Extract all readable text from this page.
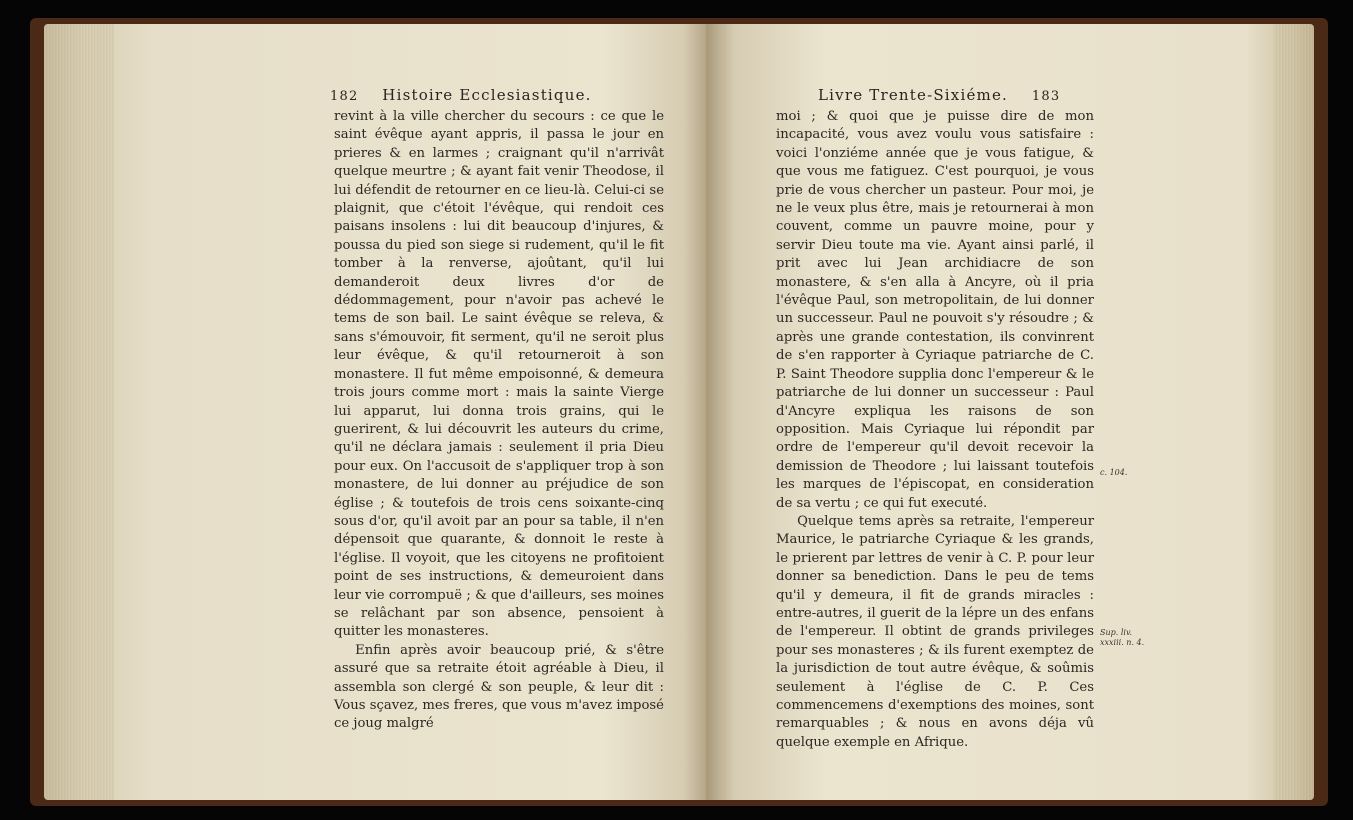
182 Histoire Ecclesiastique.

revint à la ville chercher du secours : ce que le saint évêque ayant appris, il passa le jour en prieres & en larmes ; craignant qu'il n'arrivât quelque meurtre ; & ayant fait venir Theodose, il lui défendit de retourner en ce lieu-là. Celui-ci se plaignit, que c'étoit l'évêque, qui rendoit ces paisans insolens : lui dit beaucoup d'injures, & poussa du pied son siege si rudement, qu'il le fit tomber à la renverse, ajoûtant, qu'il lui demanderoit deux livres d'or de dédommagement, pour n'avoir pas achevé le tems de son bail. Le saint évêque se releva, & sans s'émouvoir, fit serment, qu'il ne seroit plus leur évêque, & qu'il retourneroit à son monastere. Il fut même empoisonné, & demeura trois jours comme mort : mais la sainte Vierge lui apparut, lui donna trois grains, qui le guerirent, & lui découvrit les auteurs du crime, qu'il ne déclara jamais : seulement il pria Dieu pour eux. On l'accusoit de s'appliquer trop à son monastere, de lui donner au préjudice de son église ; & toutefois de trois cens soixante-cinq sous d'or, qu'il avoit par an pour sa table, il n'en dépensoit que quarante, & donnoit le reste à l'église. Il voyoit, que les citoyens ne profitoient point de ses instructions, & demeuroient dans leur vie corrompuë ; & que d'ailleurs, ses moines se relâchant par son absence, pensoient à quitter les monasteres.

Enfin après avoir beaucoup prié, & s'être assuré que sa retraite étoit agréable à Dieu, il assembla son clergé & son peuple, & leur dit : Vous sçavez, mes freres, que vous m'avez imposé ce joug malgré

Livre Trente-Sixiéme. 183

moi ; & quoi que je puisse dire de mon incapacité, vous avez voulu vous satisfaire : voici l'onziéme année que je vous fatigue, & que vous me fatiguez. C'est pourquoi, je vous prie de vous chercher un pasteur. Pour moi, je ne le veux plus être, mais je retournerai à mon couvent, comme un pauvre moine, pour y servir Dieu toute ma vie. Ayant ainsi parlé, il prit avec lui Jean archidiacre de son monastere, & s'en alla à Ancyre, où il pria l'évêque Paul, son metropolitain, de lui donner un successeur. Paul ne pouvoit s'y résoudre ; & après une grande contestation, ils convinrent de s'en rapporter à Cyriaque patriarche de C. P. Saint Theodore supplia donc l'empereur & le patriarche de lui donner un successeur : Paul d'Ancyre expliqua les raisons de son opposition. Mais Cyriaque lui répondit par ordre de l'empereur qu'il devoit recevoir la demission de Theodore ; lui laissant toutefois les marques de l'épiscopat, en consideration de sa vertu ; ce qui fut executé.

Quelque tems après sa retraite, l'empereur Maurice, le patriarche Cyriaque & les grands, le prierent par lettres de venir à C. P. pour leur donner sa benediction. Dans le peu de tems qu'il y demeura, il fit de grands miracles : entre-autres, il guerit de la lépre un des enfans de l'empereur. Il obtint de grands privileges pour ses monasteres ; & ils furent exemptez de la jurisdiction de tout autre évêque, & soûmis seulement à l'église de C. P. Ces commencemens d'exemptions des moines, sont remarquables ; & nous en avons déja vû quelque exemple en Afrique.

c. 104.
Sup. liv. xxxiii. n. 4.
